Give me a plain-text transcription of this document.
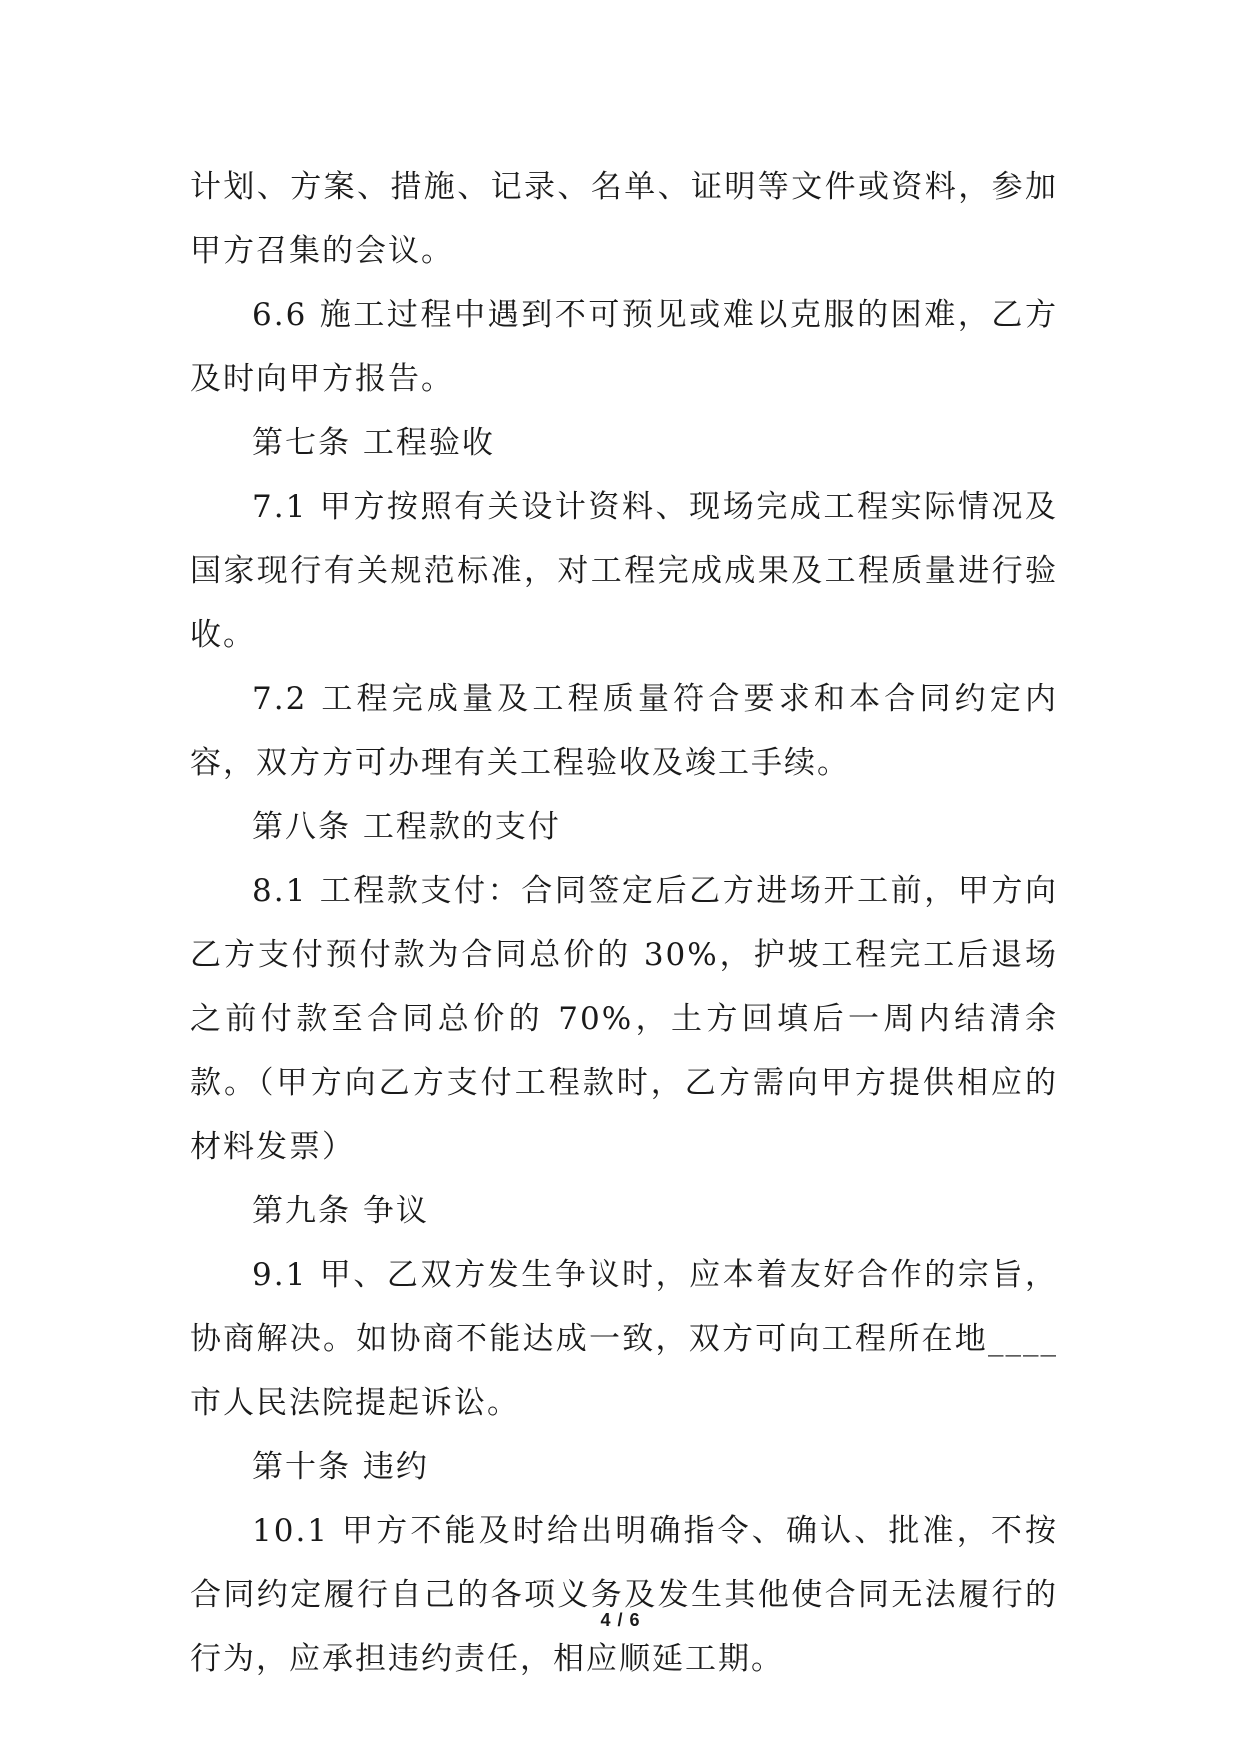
计划、方案、措施、记录、名单、证明等文件或资料，参加甲方召集的会议。

6.6 施工过程中遇到不可预见或难以克服的困难，乙方及时向甲方报告。

第七条 工程验收

7.1 甲方按照有关设计资料、现场完成工程实际情况及国家现行有关规范标准，对工程完成成果及工程质量进行验收。

7.2 工程完成量及工程质量符合要求和本合同约定内容，双方方可办理有关工程验收及竣工手续。

第八条 工程款的支付

8.1 工程款支付：合同签定后乙方进场开工前，甲方向乙方支付预付款为合同总价的 30%，护坡工程完工后退场之前付款至合同总价的 70%，土方回填后一周内结清余款。（甲方向乙方支付工程款时，乙方需向甲方提供相应的材料发票）

第九条 争议

9.1 甲、乙双方发生争议时，应本着友好合作的宗旨，协商解决。如协商不能达成一致，双方可向工程所在地____市人民法院提起诉讼。

第十条 违约

10.1 甲方不能及时给出明确指令、确认、批准，不按合同约定履行自己的各项义务及发生其他使合同无法履行的行为，应承担违约责任，相应顺延工期。

4 / 6
